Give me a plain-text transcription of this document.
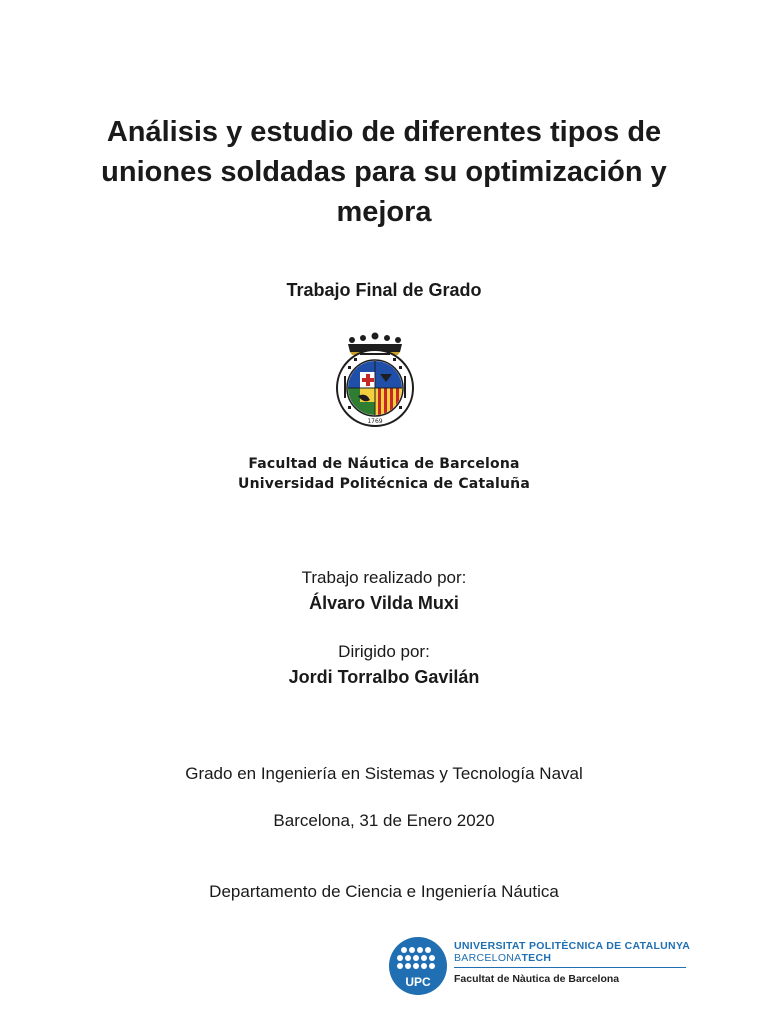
Análisis y estudio de diferentes tipos de
uniones soldadas para su optimización y
mejora
Trabajo Final de Grado
1769
Facultad de Náutica de Barcelona
Universidad Politécnica de Cataluña
Trabajo realizado por:
Álvaro Vilda Muxi
Dirigido por:
Jordi Torralbo Gavilán
Grado en Ingeniería en Sistemas y Tecnología Naval
Barcelona, 31 de Enero 2020
Departamento de Ciencia e Ingeniería Náutica
UPC
UNIVERSITAT POLITÈCNICA DE CATALUNYA
BARCELONATECH
Facultat de Nàutica de Barcelona
